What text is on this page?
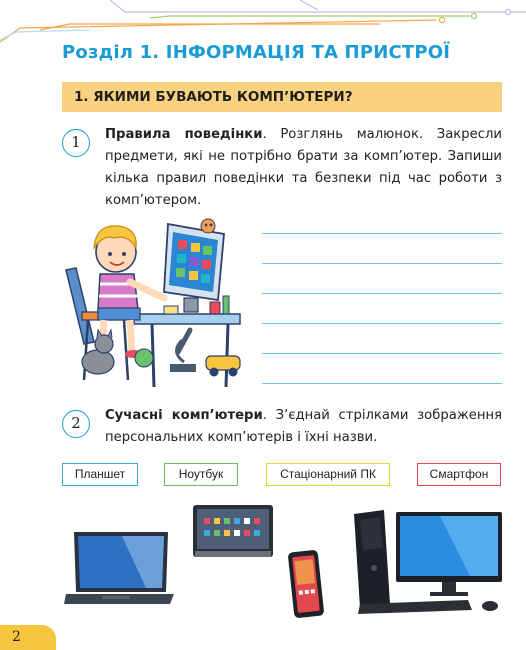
Розділ 1. ІНФОРМАЦІЯ ТА ПРИСТРОЇ
1. ЯКИМИ БУВАЮТЬ КОМП’ЮТЕРИ?
1	Правила поведінки. Розглянь малюнок. Закресли предмети, які не потрібно брати за комп’ютер. Запиши кілька правил поведінки та безпеки під час роботи з комп’ютером.
2	Сучасні комп’ютери. З’єднай стрілками зображення персональних комп’ютерів і їхні назви.
Планшет	Ноутбук	Стаціонарний ПК	Смартфон
2
